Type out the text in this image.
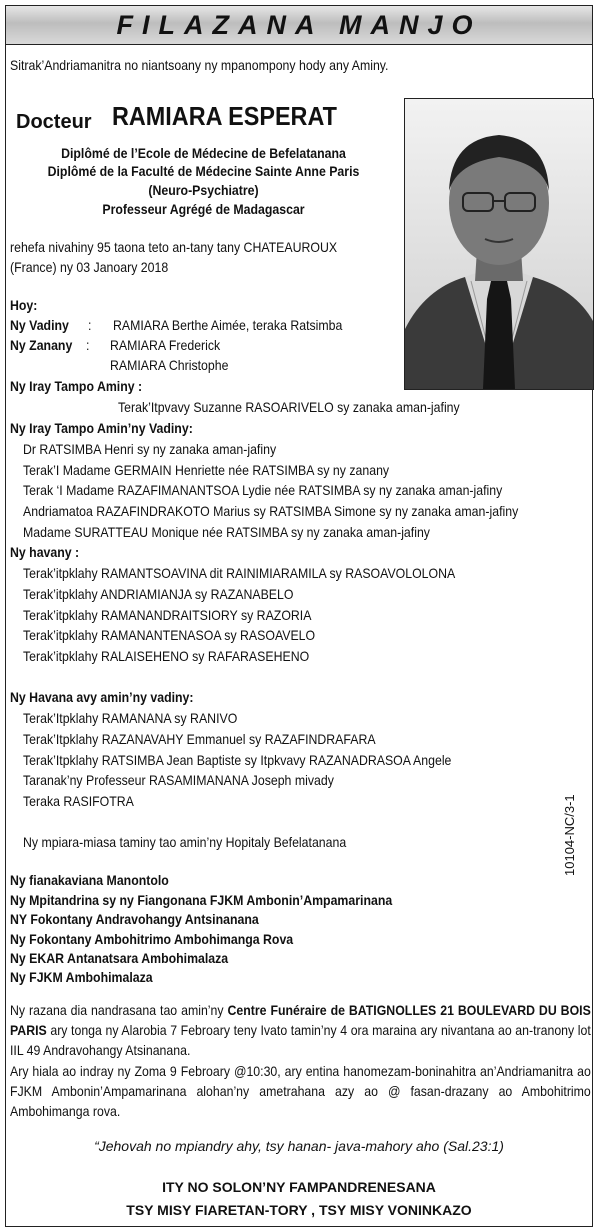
FILAZANA MANJO
Sitrak’Andriamanitra no niantsoany ny mpanompony hody any Aminy.
Docteur RAMIARA ESPERAT
Diplômé de l’Ecole de Médecine de Befelatanana
Diplômé de la Faculté de Médecine Sainte Anne Paris
(Neuro-Psychiatre)
Professeur Agrégé de Madagascar
rehefa nivahiny 95 taona teto an-tany tany CHATEAUROUX
(France) ny 03 Janoary 2018
Hoy:
Ny Vadiny : RAMIARA Berthe Aimée, teraka Ratsimba
Ny Zanany : RAMIARA Frederick
RAMIARA Christophe
Ny Iray Tampo Aminy :
Terak’Itpvavy Suzanne RASOARIVELO sy zanaka aman-jafiny
Ny Iray Tampo Amin’ny Vadiny:
Dr RATSIMBA Henri sy ny zanaka aman-jafiny
Terak’I Madame GERMAIN Henriette née RATSIMBA sy ny zanany
Terak ‘I Madame RAZAFIMANANTSOA Lydie née RATSIMBA sy ny zanaka aman-jafiny
Andriamatoa RAZAFINDRAKOTO Marius sy RATSIMBA Simone sy ny zanaka aman-jafiny
Madame SURATTEAU Monique née RATSIMBA sy ny zanaka aman-jafiny
Ny havany :
Terak’itpklahy RAMANTSOAVINA dit RAINIMIARAMILA sy RASOAVOLOLONA
Terak’itpklahy ANDRIAMIANJA sy RAZANABELO
Terak’itpklahy RAMANANDRAITSIORY sy RAZORIA
Terak’itpklahy RAMANANTENASOA sy RASOAVELO
Terak’itpklahy RALAISEHENO sy RAFARASEHENO
Ny Havana avy amin’ny vadiny:
Terak’Itpklahy RAMANANA sy RANIVO
Terak’Itpklahy RAZANAVAHY Emmanuel sy RAZAFINDRAFARA
Terak’Itpklahy RATSIMBA Jean Baptiste sy Itpkvavy RAZANADRASOA Angele
Taranak’ny Professeur RASAMIMANANA Joseph mivady
Teraka RASIFOTRA
Ny mpiara-miasa taminy tao amin’ny Hopitaly Befelatanana
Ny fianakaviana Manontolo
Ny Mpitandrina sy ny Fiangonana FJKM Ambonin’Ampamarinana
NY Fokontany Andravohangy Antsinanana
Ny Fokontany Ambohitrimo Ambohimanga Rova
Ny EKAR Antanatsara Ambohimalaza
Ny FJKM Ambohimalaza
10104-NC/3-1
Ny razana dia nandrasana tao amin’ny Centre Funéraire de BATIGNOLLES 21 BOULEVARD DU BOIS PARIS ary tonga ny Alarobia 7 Febroary teny Ivato tamin’ny 4 ora maraina ary nivantana ao an-tranony lot IIL 49 Andravohangy Atsinanana.
Ary hiala ao indray ny Zoma 9 Febroary @10:30, ary entina hanomezam-boninahitra an’Andriamanitra ao FJKM Ambonin’Ampamarinana alohan’ny ametrahana azy ao @ fasan-drazany ao Ambohitrimo Ambohimanga rova.
“Jehovah no mpiandry ahy, tsy hanan- java-mahory aho (Sal.23:1)
ITY NO SOLON’NY FAMPANDRENESANA
TSY MISY FIARETAN-TORY , TSY MISY VONINKAZO
